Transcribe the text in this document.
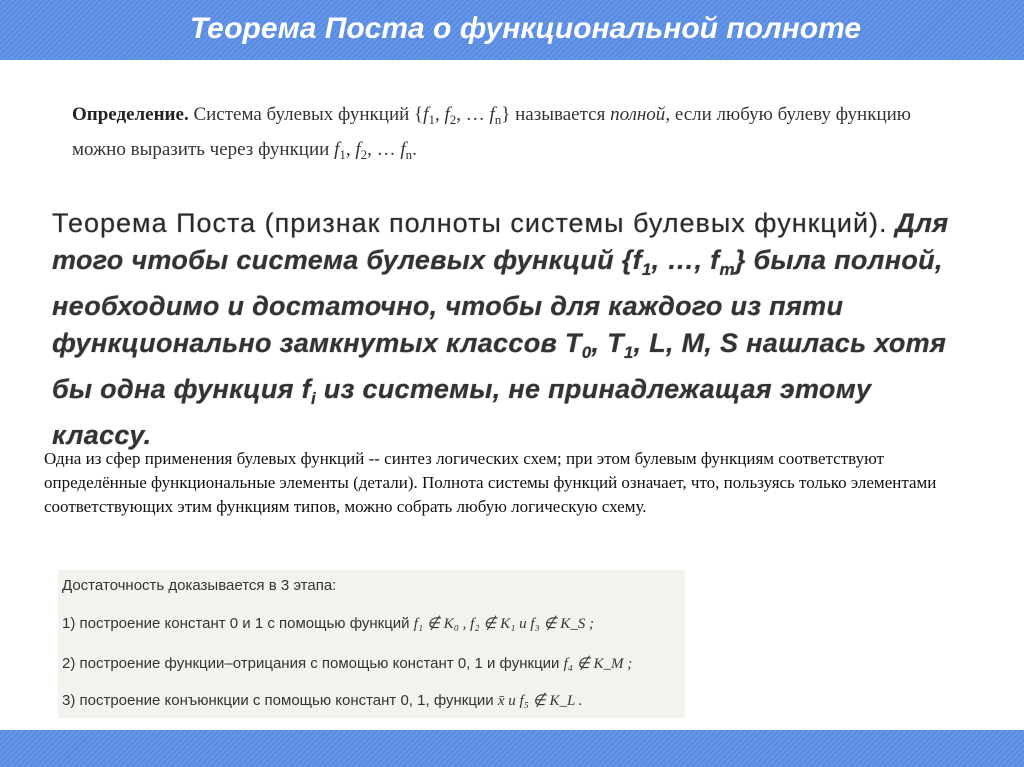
Теорема Поста о функциональной полноте
Определение. Система булевых функций {$f_1$, $f_2$, … $f_n$} называется полной, если любую булеву функцию можно выразить через функции $f_1$, $f_2$, … $f_n$.
Теорема Поста (признак полноты системы булевых функций). Для того чтобы система булевых функций {$f_1$, …, $f_m$} была полной, необходимо и достаточно, чтобы для каждого из пяти функционально замкнутых классов $T_0$, $T_1$, L, M, S нашлась хотя бы одна функция $f_i$ из системы, не принадлежащая этому классу.
Одна из сфер применения булевых функций -- синтез логических схем; при этом булевым функциям соответствуют определённые функциональные элементы (детали). Полнота системы функций означает, что, пользуясь только элементами соответствующих этим функциям типов, можно собрать любую логическую схему.
Достаточность доказывается в 3 этапа:
1) построение констант 0 и 1 с помощью функций f₁ ∉ K₀ , f₂ ∉ K₁ и f₃ ∉ K_S ;
2) построение функции–отрицания с помощью констант 0, 1 и функции f₄ ∉ K_M ;
3) построение конъюнкции с помощью констант 0, 1, функции x̄ и f₅ ∉ K_L .
